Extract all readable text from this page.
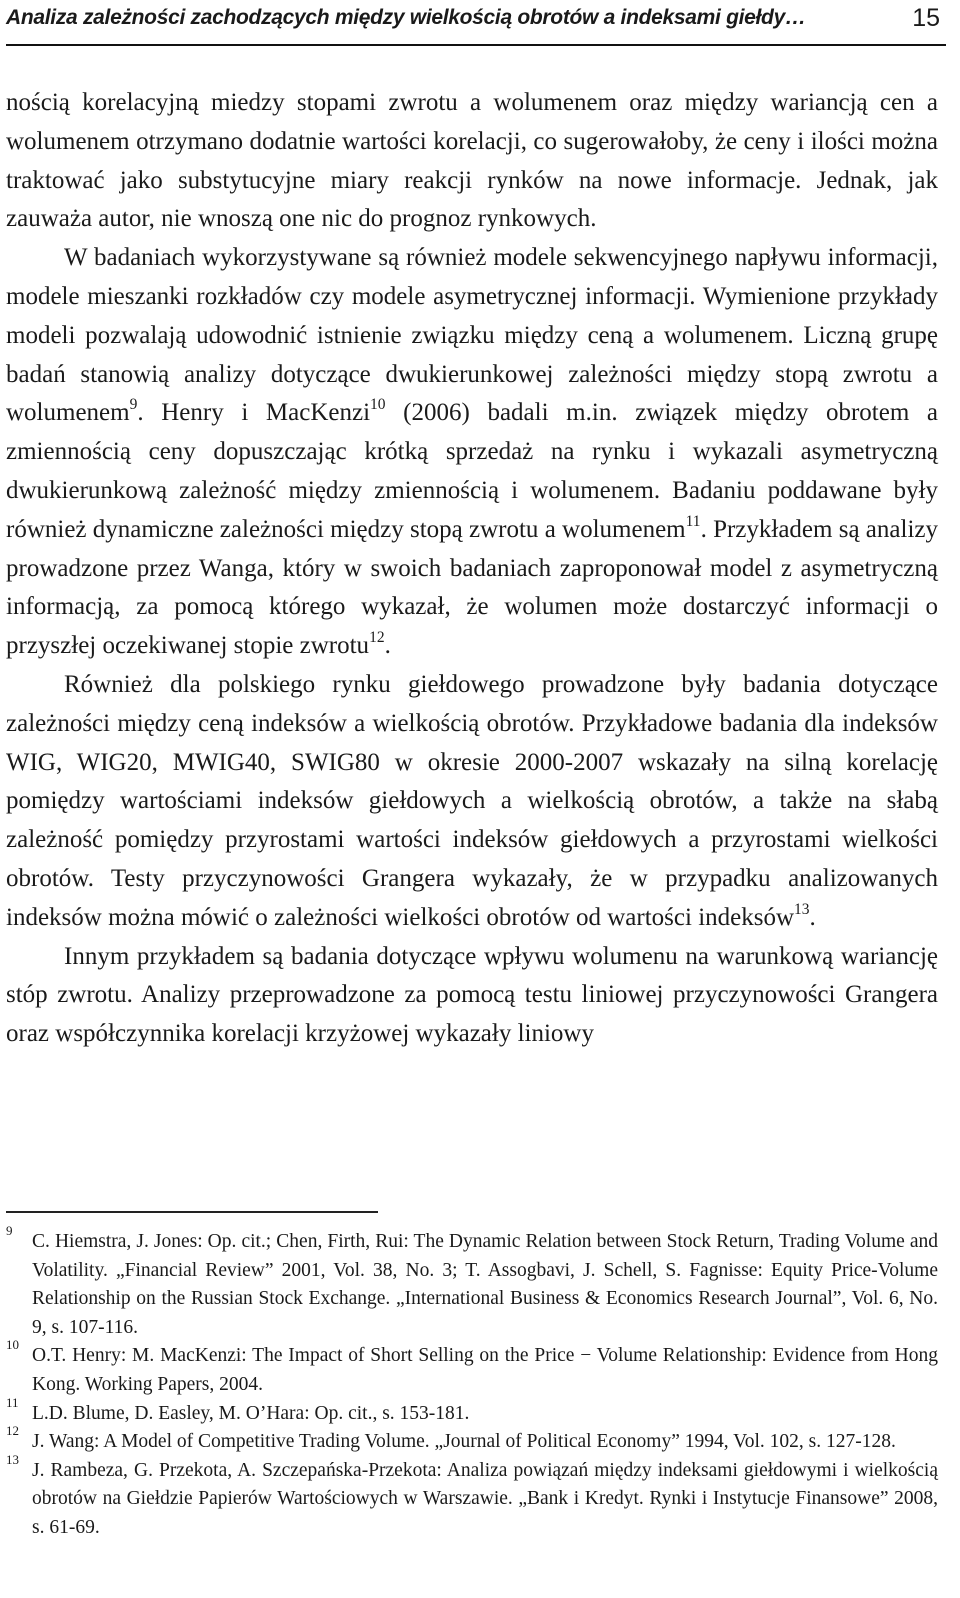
Analiza zależności zachodzących między wielkością obrotów a indeksami giełdy…	15

nością korelacyjną miedzy stopami zwrotu a wolumenem oraz między wariancją cen a wolumenem otrzymano dodatnie wartości korelacji, co sugerowałoby, że ceny i ilości można traktować jako substytucyjne miary reakcji rynków na nowe informacje. Jednak, jak zauważa autor, nie wnoszą one nic do prognoz rynkowych.

W badaniach wykorzystywane są również modele sekwencyjnego napływu informacji, modele mieszanki rozkładów czy modele asymetrycznej informacji. Wymienione przykłady modeli pozwalają udowodnić istnienie związku między ceną a wolumenem. Liczną grupę badań stanowią analizy dotyczące dwukierunkowej zależności między stopą zwrotu a wolumenem$^9$. Henry i MacKenzi$^{10}$ (2006) badali m.in. związek między obrotem a zmiennością ceny dopuszczając krótką sprzedaż na rynku i wykazali asymetryczną dwukierunkową zależność między zmiennością i wolumenem. Badaniu poddawane były również dynamiczne zależności między stopą zwrotu a wolumenem$^{11}$. Przykładem są analizy prowadzone przez Wanga, który w swoich badaniach zaproponował model z asymetryczną informacją, za pomocą którego wykazał, że wolumen może dostarczyć informacji o przyszłej oczekiwanej stopie zwrotu$^{12}$.

Również dla polskiego rynku giełdowego prowadzone były badania dotyczące zależności między ceną indeksów a wielkością obrotów. Przykładowe badania dla indeksów WIG, WIG20, MWIG40, SWIG80 w okresie 2000-2007 wskazały na silną korelację pomiędzy wartościami indeksów giełdowych a wielkością obrotów, a także na słabą zależność pomiędzy przyrostami wartości indeksów giełdowych a przyrostami wielkości obrotów. Testy przyczynowości Grangera wykazały, że w przypadku analizowanych indeksów można mówić o zależności wielkości obrotów od wartości indeksów$^{13}$.

Innym przykładem są badania dotyczące wpływu wolumenu na warunkową wariancję stóp zwrotu. Analizy przeprowadzone za pomocą testu liniowej przyczynowości Grangera oraz współczynnika korelacji krzyżowej wykazały liniowy

9
C. Hiemstra, J. Jones: Op. cit.; Chen, Firth, Rui: The Dynamic Relation between Stock Return, Trading Volume and Volatility. „Financial Review” 2001, Vol. 38, No. 3; T. Assogbavi, J. Schell, S. Fagnisse: Equity Price-Volume Relationship on the Russian Stock Exchange. „International Business & Economics Research Journal”, Vol. 6, No. 9, s. 107-116.
10
O.T. Henry: M. MacKenzi: The Impact of Short Selling on the Price − Volume Relationship: Evidence from Hong Kong. Working Papers, 2004.
11
L.D. Blume, D. Easley, M. O’Hara: Op. cit., s. 153-181.
12
J. Wang: A Model of Competitive Trading Volume. „Journal of Political Economy” 1994, Vol. 102, s. 127-128.
13
J. Rambeza, G. Przekota, A. Szczepańska-Przekota: Analiza powiązań między indeksami giełdowymi i wielkością obrotów na Giełdzie Papierów Wartościowych w Warszawie. „Bank i Kredyt. Rynki i Instytucje Finansowe” 2008, s. 61-69.
